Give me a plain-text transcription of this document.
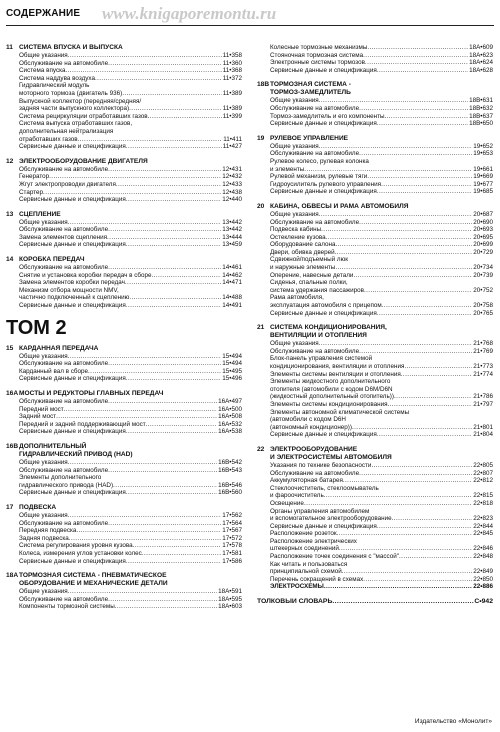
СОДЕРЖАНИЕ www.knigaporemontu.ru
11 СИСТЕМА ВПУСКА И ВЫПУСКА
Общие указания .....	11•358
Обслуживание на автомобиле .....	11•360
Система впуска .....	11•368
Система наддува воздуха .....	11•372
Гидравлический модуль
моторного тормоза (двигатель 936) .....	11•389
Выпускной коллектор (передняя/средняя/
задняя части выпускного коллектора) .....	11•389
Система рециркуляции отработавших газов .....	11•399
Система выпуска отработавших газов,
дополнительная нейтрализация
отработавших газов .....	11•411
Сервисные данные и спецификация .....	11•427
12 ЭЛЕКТРООБОРУДОВАНИЕ ДВИГАТЕЛЯ
Обслуживание на автомобиле .....	12•431
Генератор .....	12•432
Жгут электропроводки двигателя .....	12•433
Стартер .....	12•438
Сервисные данные и спецификация .....	12•440
13 СЦЕПЛЕНИЕ
Общие указания .....	13•442
Обслуживание на автомобиле .....	13•442
Замена элементов сцепления .....	13•444
Сервисные данные и спецификация .....	13•459
14 КОРОБКА ПЕРЕДАЧ
Обслуживание на автомобиле .....	14•461
Снятие и установка коробки передач в сборе .....	14•462
Замена элементов коробки передач .....	14•471
Механизм отбора мощности NMV,
частично подключенный к сцеплению .....	14•488
Сервисные данные и спецификация .....	14•491
ТОМ 2
15 КАРДАННАЯ ПЕРЕДАЧА
Общие указания .....	15•494
Обслуживание на автомобиле .....	15•494
Карданный вал в сборе .....	15•495
Сервисные данные и спецификация .....	15•496
16А МОСТЫ И РЕДУКТОРЫ ГЛАВНЫХ ПЕРЕДАЧ
Обслуживание на автомобиле .....	16А•497
Передний мост .....	16А•500
Задний мост .....	16А•508
Передний и задний поддерживающий мост .....	16А•532
Сервисные данные и спецификация .....	16А•538
16В ДОПОЛНИТЕЛЬНЫЙ
ГИДРАВЛИЧЕСКИЙ ПРИВОД (HAD)
Общие указания .....	16В•542
Обслуживание на автомобиле .....	16В•543
Элементы дополнительного
гидравлического привода (HAD) .....	16В•546
Сервисные данные и спецификация .....	16В•560
17 ПОДВЕСКА
Общие указания .....	17•562
Обслуживание на автомобиле .....	17•564
Передняя подвеска .....	17•567
Задняя подвеска .....	17•572
Система регулирования уровня кузова .....	17•578
Колеса, измерения углов установки колес .....	17•581
Сервисные данные и спецификация .....	17•586
18А ТОРМОЗНАЯ СИСТЕМА - ПНЕВМАТИЧЕСКОЕ
ОБОРУДОВАНИЕ И МЕХАНИЧЕСКИЕ ДЕТАЛИ
Общие указания .....	18А•591
Обслуживание на автомобиле .....	18А•595
Компоненты тормозной системы .....	18А•603
Колесные тормозные механизмы .....	18А•609
Стояночная тормозная система .....	18А•623
Электронные системы тормозов .....	18А•624
Сервисные данные и спецификация .....	18А•628
18В ТОРМОЗНАЯ СИСТЕМА -
ТОРМОЗ-ЗАМЕДЛИТЕЛЬ
Общие указания .....	18В•631
Обслуживание на автомобиле .....	18В•632
Тормоз-замедлитель и его компоненты .....	18В•637
Сервисные данные и спецификация .....	18В•650
19 РУЛЕВОЕ УПРАВЛЕНИЕ
Общие указания .....	19•652
Обслуживание на автомобиле .....	19•653
Рулевое колесо, рулевая колонка
и элементы .....	19•661
Рулевой механизм, рулевые тяги .....	19•669
Гидроусилитель рулевого управления .....	19•677
Сервисные данные и спецификация .....	19•685
20 КАБИНА, ОБВЕСЫ И РАМА АВТОМОБИЛЯ
Общие указания .....	20•687
Обслуживание на автомобиле .....	20•690
Подвеска кабины .....	20•693
Остекление кузова .....	20•695
Оборудование салона .....	20•699
Двери, обивка дверей .....	20•729
Сдвижной/подъемный люк
и наружные элементы .....	20•734
Оперение, навесные детали .....	20•739
Сиденья, спальные полки,
система удержания пассажиров .....	20•752
Рама автомобиля,
эксплуатация автомобиля с прицепом .....	20•758
Сервисные данные и спецификация .....	20•765
21 СИСТЕМА КОНДИЦИОНИРОВАНИЯ,
ВЕНТИЛЯЦИИ И ОТОПЛЕНИЯ
Общие указания .....	21•768
Обслуживание на автомобиле .....	21•769
Блок-панель управления системой
кондиционирования, вентиляции и отопления .....	21•773
Элементы системы вентиляции и отопления .....	21•774
Элементы жидкостного дополнительного
отопителя (автомобили с кодом D6M/D6N
(жидкостный дополнительный отопитель)) .....	21•786
Элементы системы кондиционирования .....	21•797
Элементы автономной климатической системы
(автомобили с кодом D6H
(автономный кондиционер)) .....	21•801
Сервисные данные и спецификация .....	21•804
22 ЭЛЕКТРООБОРУДОВАНИЕ
И ЭЛЕКТРОСИСТЕМЫ АВТОМОБИЛЯ
Указания по технике безопасности .....	22•805
Обслуживание на автомобиле .....	22•807
Аккумуляторная батарея .....	22•812
Стеклоочиститель, стеклоомыватель
и фароочиститель .....	22•815
Освещение .....	22•818
Органы управления автомобилем
и вспомогательное электрооборудование .....	22•823
Сервисные данные и спецификация .....	22•844
Расположение розеток .....	22•845
Расположение электрических
штекерных соединений .....	22•846
Расположение точек соединения с "массой" .....	22•848
Как читать и пользоваться
принципиальной схемой .....	22•849
Перечень сокращений в схемах .....	22•850
ЭЛЕКТРОСХЕМЫ .....	22•886
ТОЛКОВЫЙ СЛОВАРЬ .....	С•942
Издательство «Монолит»
